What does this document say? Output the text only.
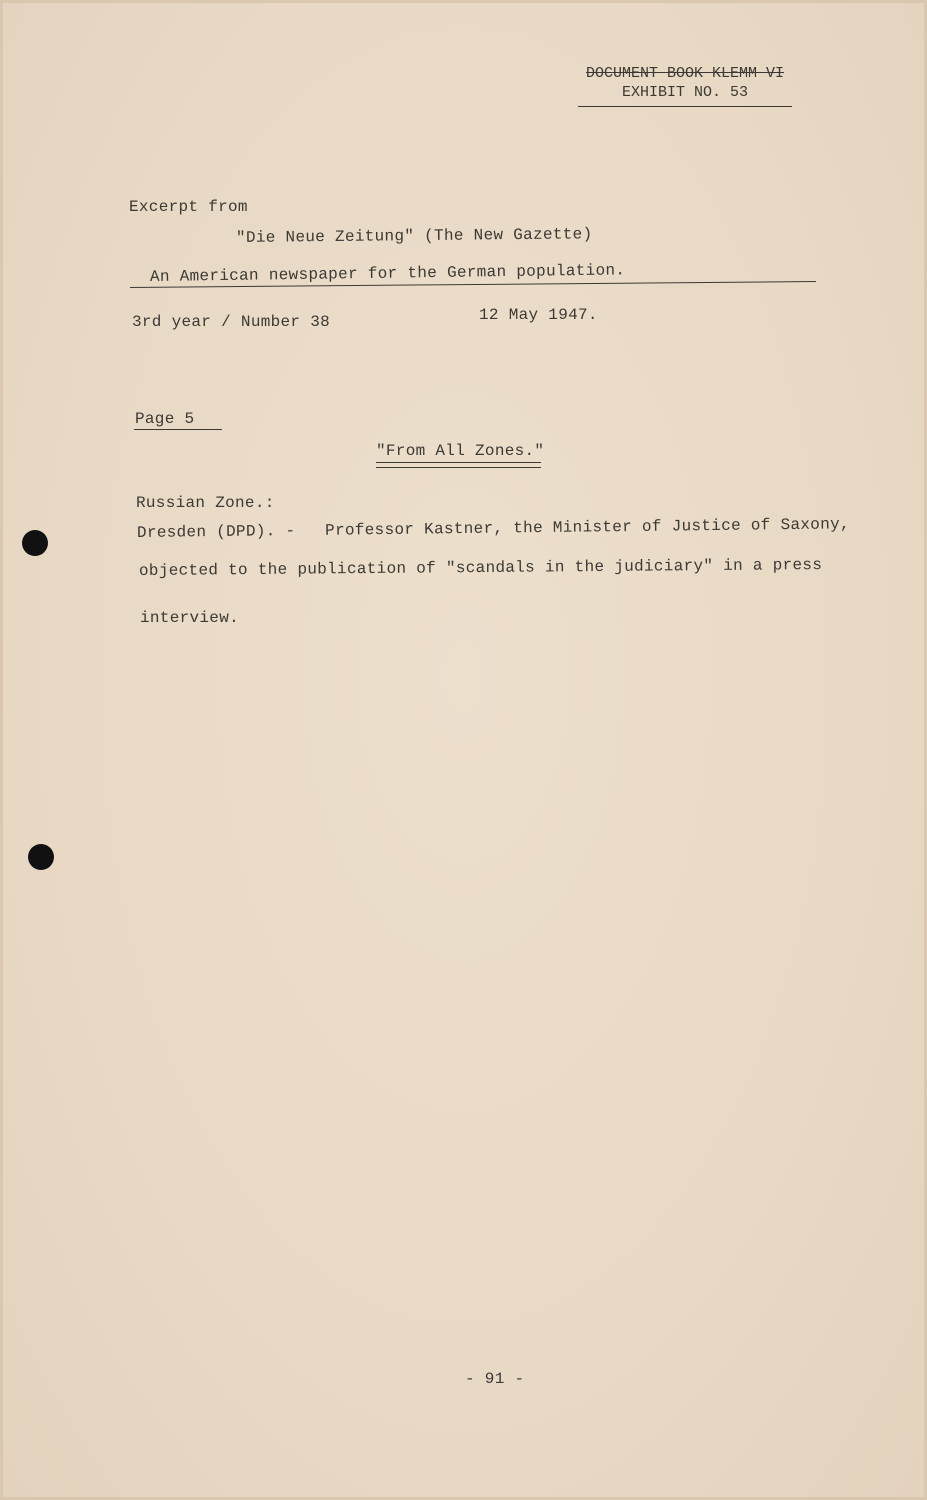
DOCUMENT BOOK KLEMM VI
EXHIBIT NO. 53
Excerpt from
"Die Neue Zeitung" (The New Gazette)
An American newspaper for the German population.
3rd year / Number 38	12 May 1947.
Page 5
"From All Zones."
Russian Zone.:
Dresden (DPD). -   Professor Kastner, the Minister of Justice of Saxony,
objected to the publication of "scandals in the judiciary" in a press
interview.
- 91 -
